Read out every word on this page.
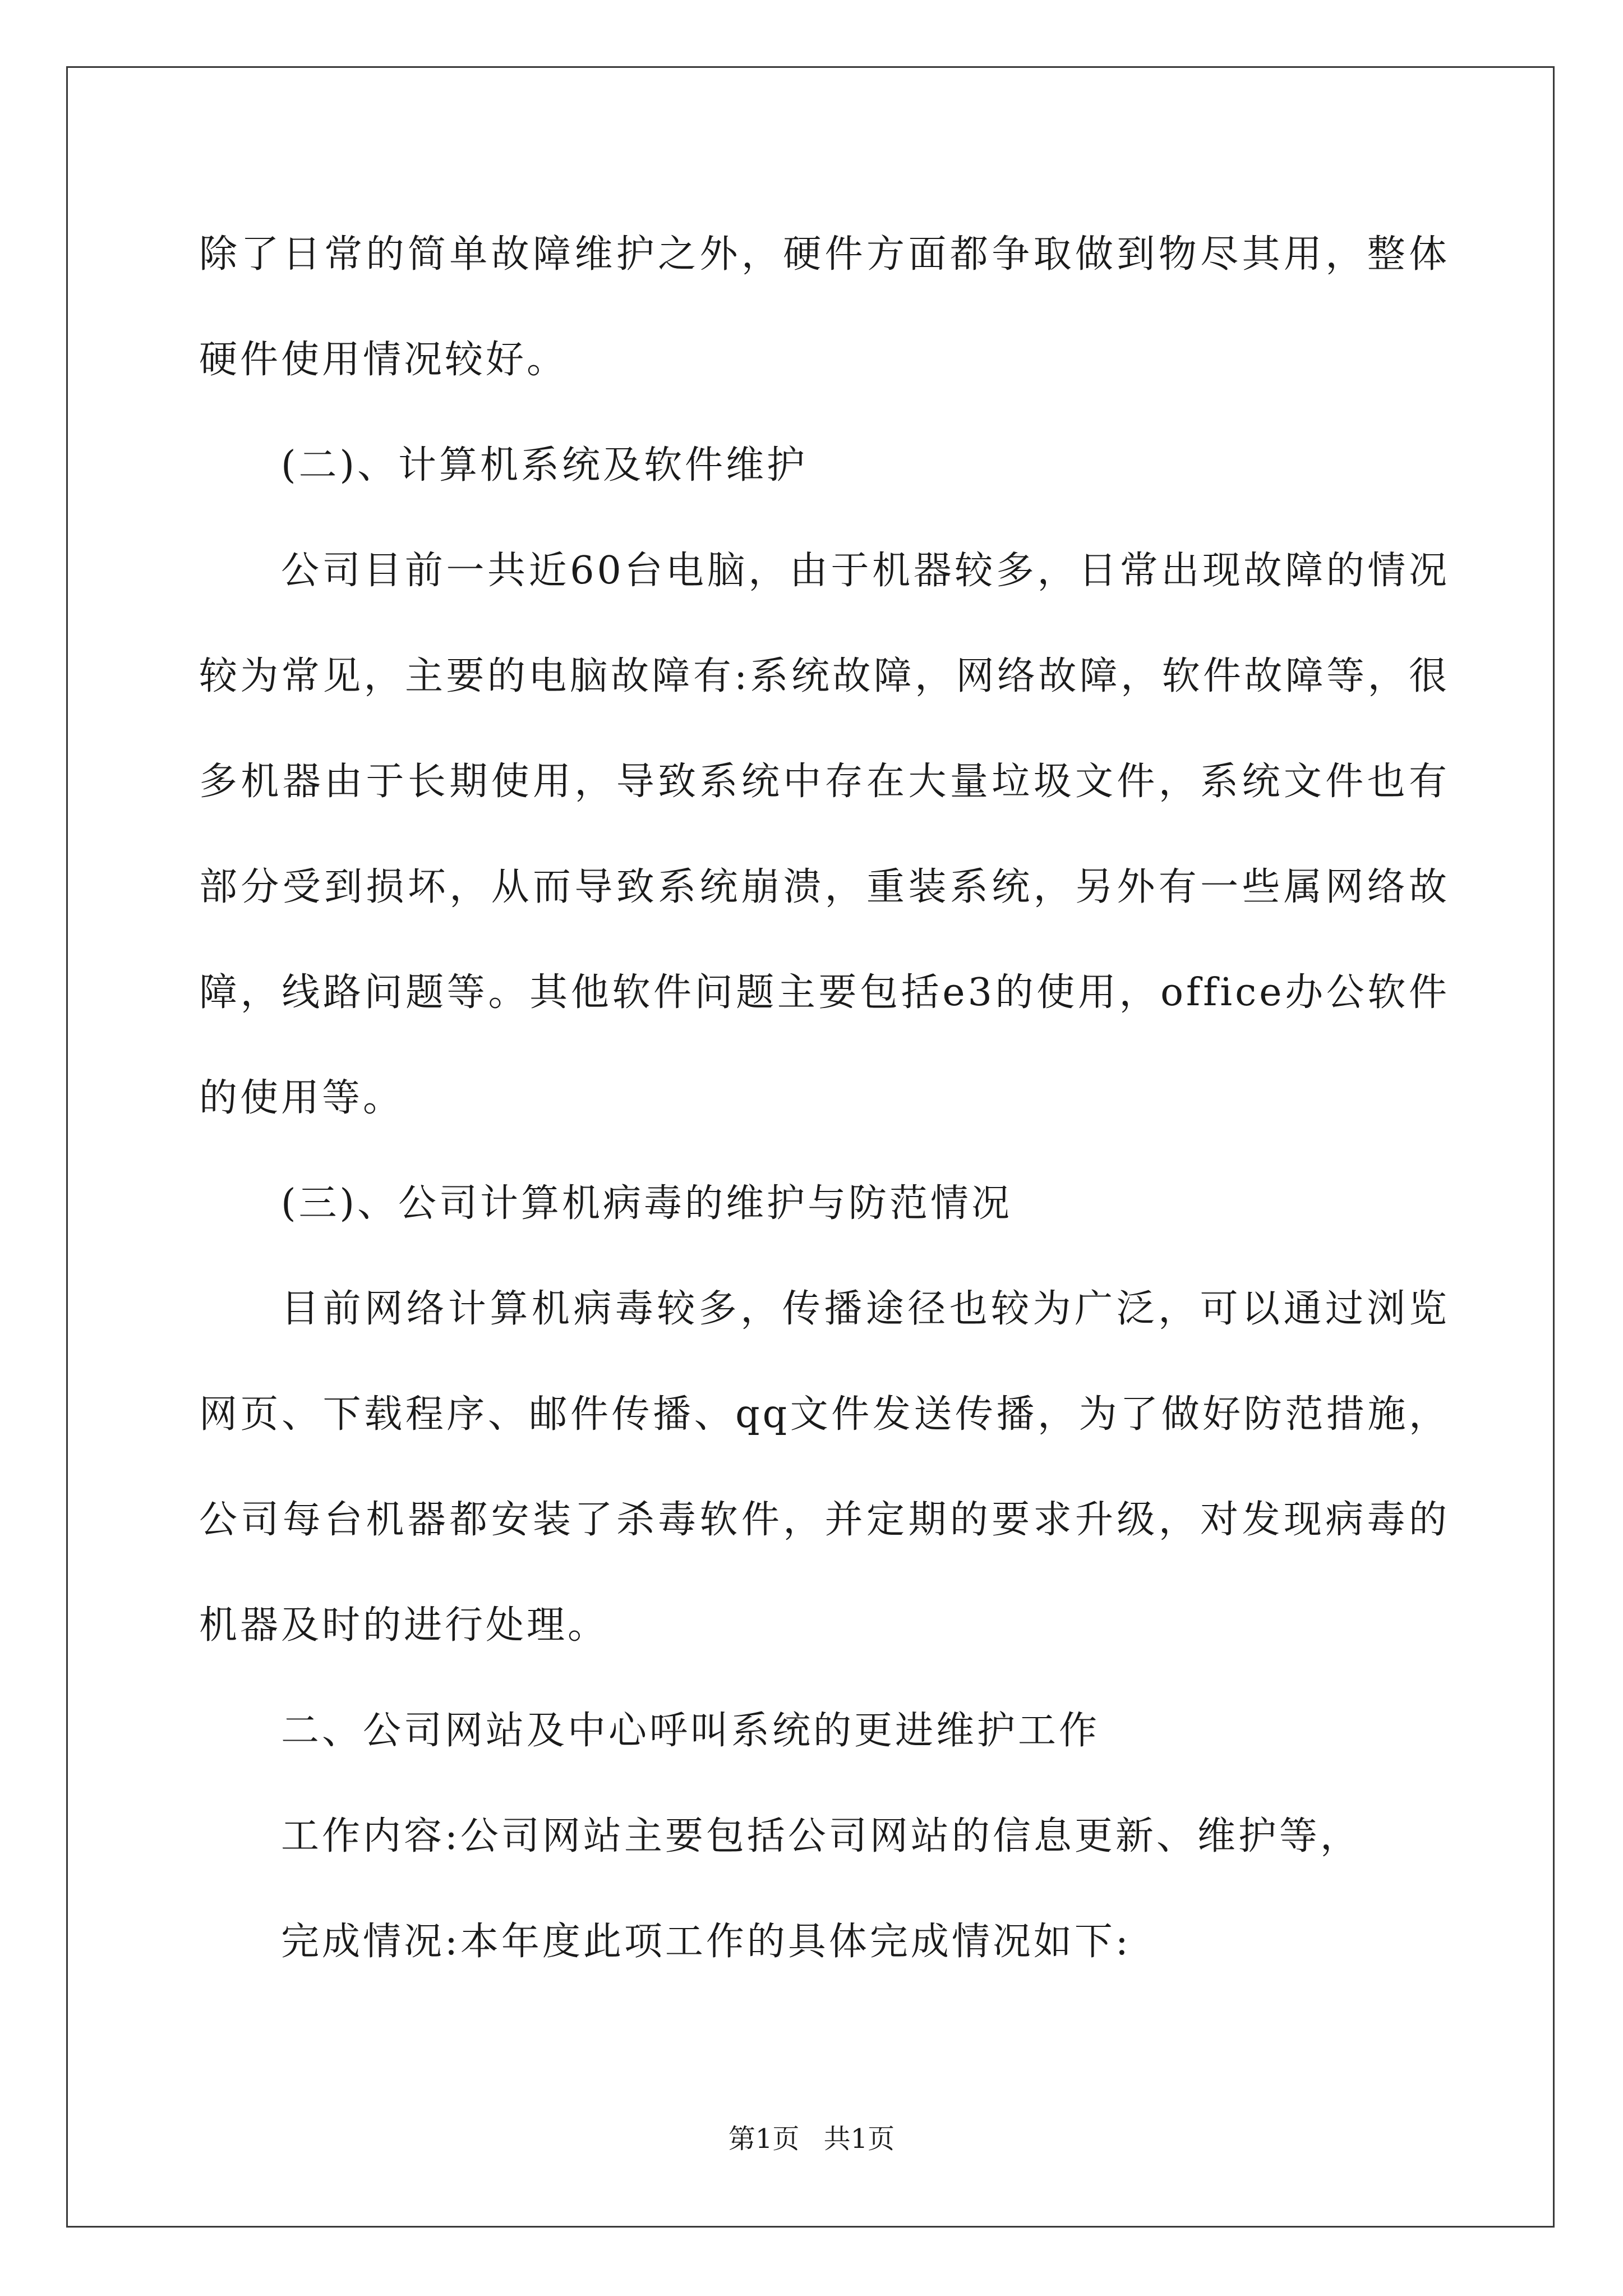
除了日常的简单故障维护之外，硬件方面都争取做到物尽其用，整体硬件使用情况较好。

(二)、计算机系统及软件维护

公司目前一共近60台电脑，由于机器较多，日常出现故障的情况较为常见，主要的电脑故障有:系统故障，网络故障，软件故障等，很多机器由于长期使用，导致系统中存在大量垃圾文件，系统文件也有部分受到损坏，从而导致系统崩溃，重装系统，另外有一些属网络故障，线路问题等。其他软件问题主要包括e3的使用，office办公软件的使用等。

(三)、公司计算机病毒的维护与防范情况

目前网络计算机病毒较多，传播途径也较为广泛，可以通过浏览网页、下载程序、邮件传播、qq文件发送传播，为了做好防范措施，公司每台机器都安装了杀毒软件，并定期的要求升级，对发现病毒的机器及时的进行处理。

二、公司网站及中心呼叫系统的更进维护工作

工作内容:公司网站主要包括公司网站的信息更新、维护等，

完成情况:本年度此项工作的具体完成情况如下:

第1页 共1页
